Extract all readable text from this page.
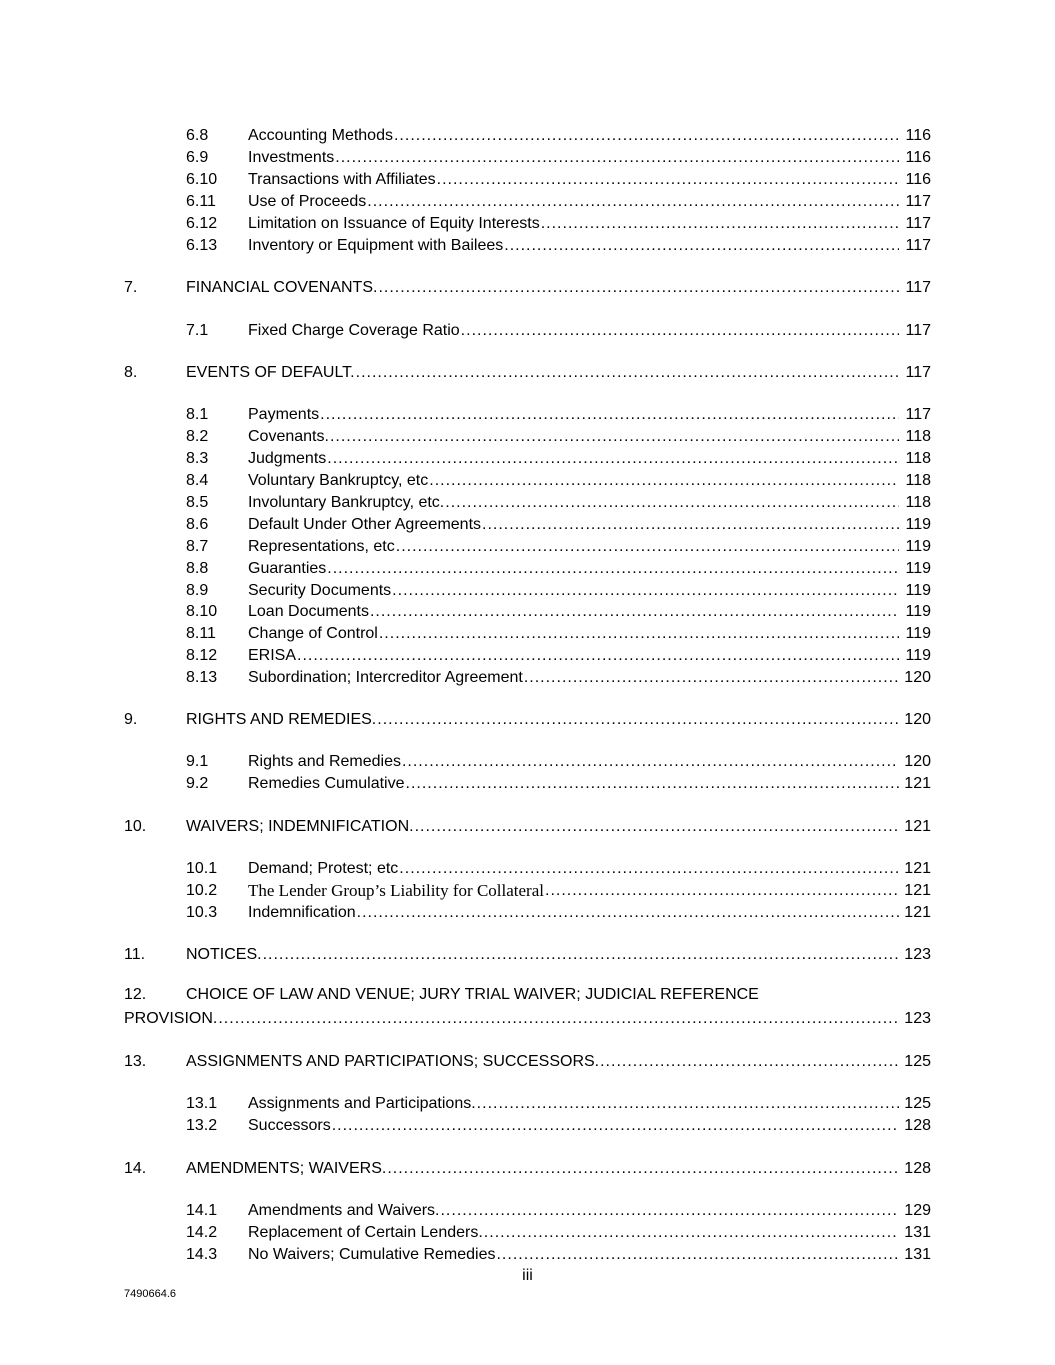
6.8	Accounting Methods .....	116
6.9	Investments .....	116
6.10	Transactions with Affiliates .....	116
6.11	Use of Proceeds .....	117
6.12	Limitation on Issuance of Equity Interests .....	117
6.13	Inventory or Equipment with Bailees .....	117
7.	FINANCIAL COVENANTS. .....	117
7.1	Fixed Charge Coverage Ratio .....	117
8.	EVENTS OF DEFAULT. .....	117
8.1	Payments .....	117
8.2	Covenants. .....	118
8.3	Judgments .....	118
8.4	Voluntary Bankruptcy, etc .....	118
8.5	Involuntary Bankruptcy, etc. .....	118
8.6	Default Under Other Agreements .....	119
8.7	Representations, etc .....	119
8.8	Guaranties .....	119
8.9	Security Documents .....	119
8.10	Loan Documents .....	119
8.11	Change of Control .....	119
8.12	ERISA .....	119
8.13	Subordination; Intercreditor Agreement .....	120
9.	RIGHTS AND REMEDIES. .....	120
9.1	Rights and Remedies .....	120
9.2	Remedies Cumulative .....	121
10.	WAIVERS; INDEMNIFICATION. .....	121
10.1	Demand; Protest; etc .....	121
10.2	The Lender Group’s Liability for Collateral .....	121
10.3	Indemnification .....	121
11.	NOTICES. .....	123
12. CHOICE OF LAW AND VENUE; JURY TRIAL WAIVER; JUDICIAL REFERENCE
PROVISION. .....	123
13.	ASSIGNMENTS AND PARTICIPATIONS; SUCCESSORS. .....	125
13.1	Assignments and Participations. .....	125
13.2	Successors .....	128
14.	AMENDMENTS; WAIVERS. .....	128
14.1	Amendments and Waivers. .....	129
14.2	Replacement of Certain Lenders. .....	131
14.3	No Waivers; Cumulative Remedies .....	131
iii
7490664.6
